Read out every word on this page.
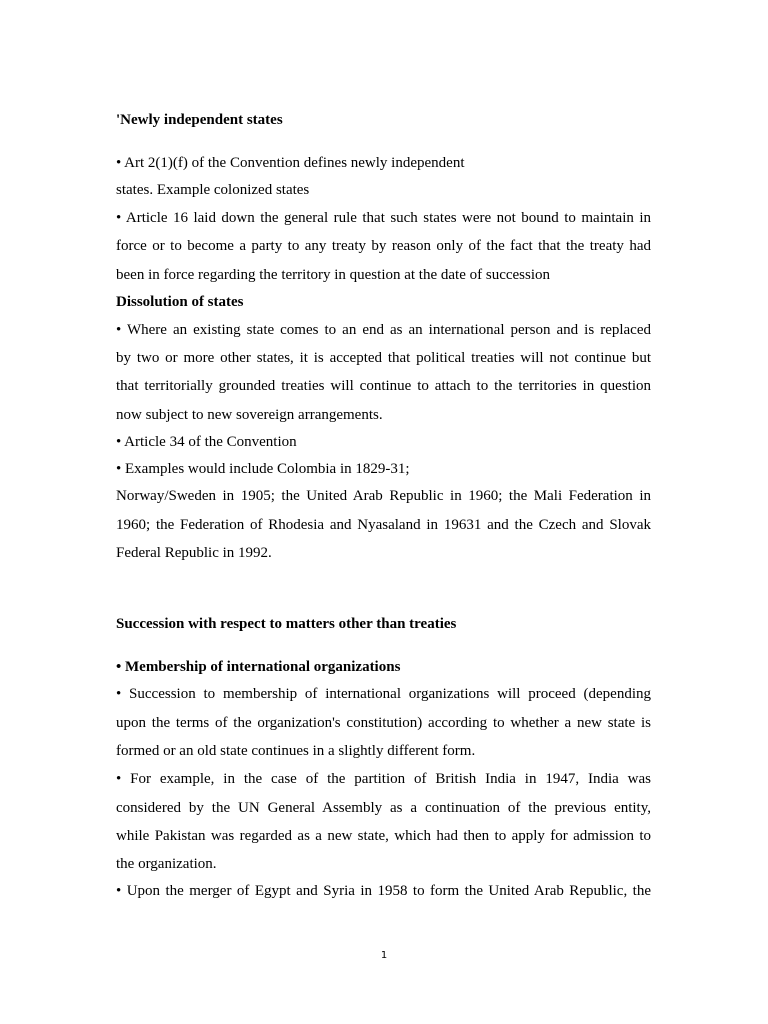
'Newly independent states
• Art 2(1)(f) of the Convention defines newly independent
states. Example colonized states
• Article 16 laid down the general rule that such states were not bound to maintain in
force or to become a party to any treaty by reason only of the fact that the treaty had
been in force regarding the territory in question at the date of succession
Dissolution of states
• Where an existing state comes to an end as an international person and is replaced
by two or more other states, it is accepted that political treaties will not continue but
that territorially grounded treaties will continue to attach to the territories in question
now subject to new sovereign arrangements.
• Article 34 of the Convention
• Examples would include Colombia in 1829-31;
Norway/Sweden in 1905; the United Arab Republic in 1960; the Mali Federation in
1960; the Federation of Rhodesia and Nyasaland in 19631 and the Czech and Slovak
Federal Republic in 1992.
Succession with respect to matters other than treaties
• Membership of international organizations
• Succession to membership of international organizations will proceed (depending
upon the terms of the organization's constitution) according to whether a new state is
formed or an old state continues in a slightly different form.
• For example, in the case of the partition of British India in 1947, India was
considered by the UN General Assembly as a continuation of the previous entity,
while Pakistan was regarded as a new state, which had then to apply for admission to
the organization.
• Upon the merger of Egypt and Syria in 1958 to form the United Arab Republic, the
1
